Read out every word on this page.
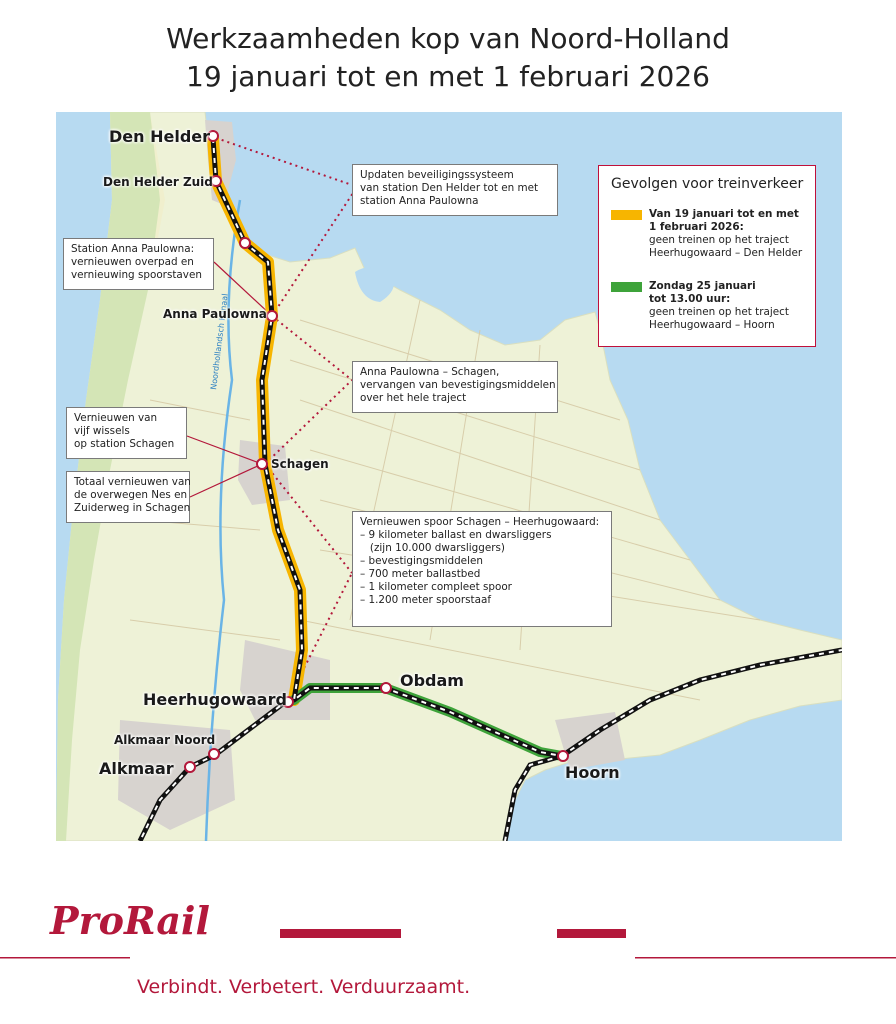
Werkzaamheden kop van Noord-Holland
19 januari tot en met 1 februari 2026
Noordhollandsch Kanaal
Den Helder
Den Helder Zuid
Anna Paulowna
Schagen
Heerhugowaard
Alkmaar Noord
Alkmaar
Obdam
Hoorn
Updaten beveiligingssysteem
van station Den Helder tot en met
station Anna Paulowna
Station Anna Paulowna:
vernieuwen overpad en
vernieuwing spoorstaven
Anna Paulowna – Schagen,
vervangen van bevestigingsmiddelen
over het hele traject
Vernieuwen van
vijf wissels
op station Schagen
Totaal vernieuwen van
de overwegen Nes en
Zuiderweg in Schagen
Vernieuwen spoor Schagen – Heerhugowaard:
– 9 kilometer ballast en dwarsliggers
(zijn 10.000 dwarsliggers)
– bevestigingsmiddelen
– 700 meter ballastbed
– 1 kilometer compleet spoor
– 1.200 meter spoorstaaf
Gevolgen voor treinverkeer
Van 19 januari tot en met
1 februari 2026:
geen treinen op het traject
Heerhugowaard – Den Helder
Zondag 25 januari
tot 13.00 uur:
geen treinen op het traject
Heerhugowaard – Hoorn
ProRail
Verbindt. Verbetert. Verduurzaamt.
